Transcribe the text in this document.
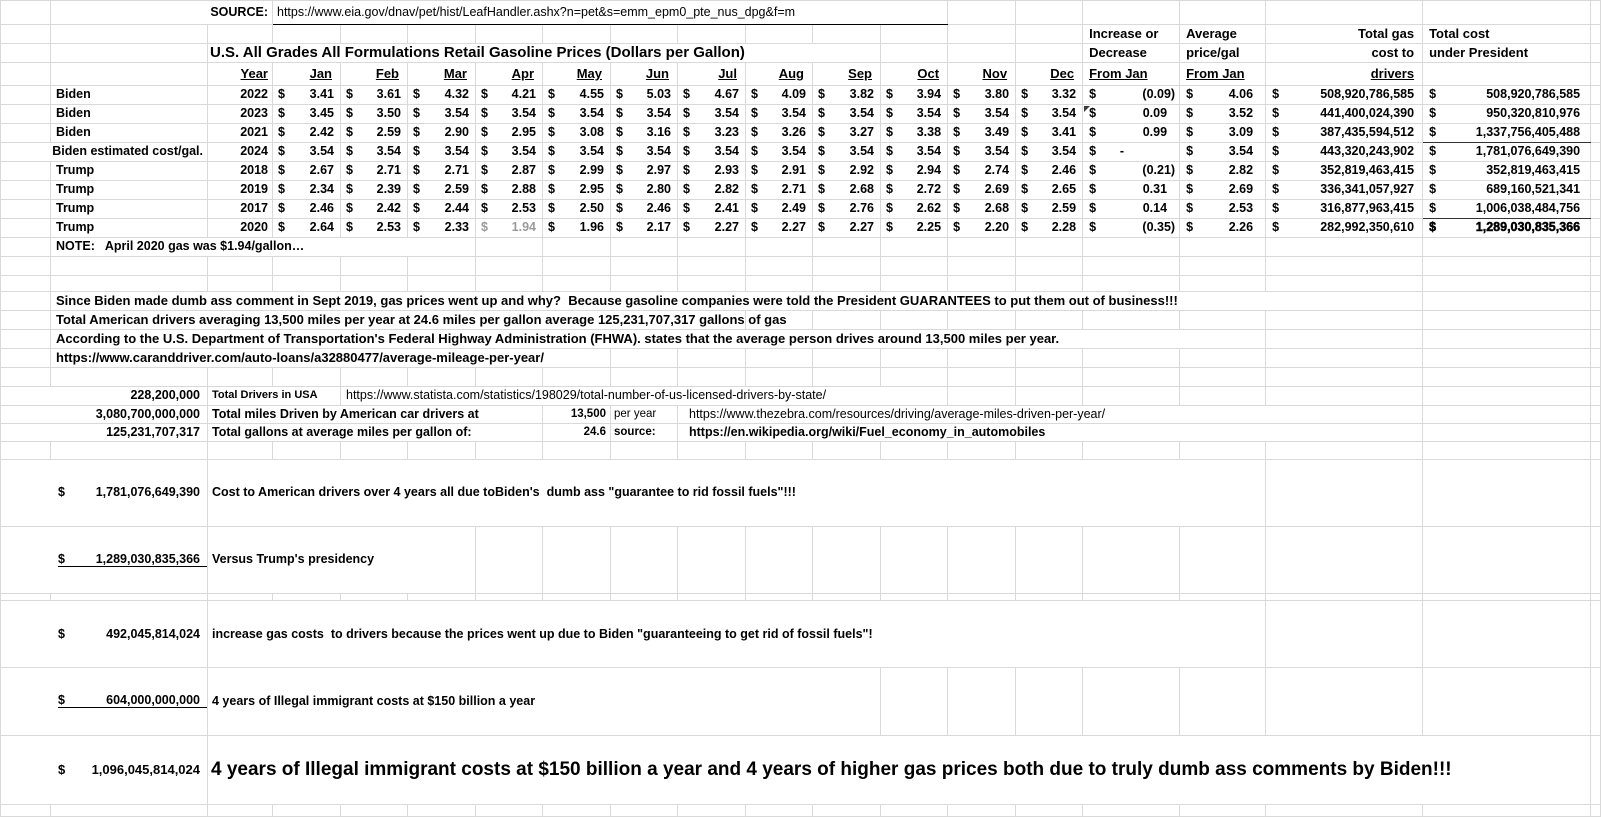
	SOURCE:		https://www.eia.gov/dnav/pet/hist/LeafHandler.ashx?n=pet&s=emm_epm0_pte_nus_dpg&f=m																
															Increase or	Average	Total gas	Total cost	
		U.S. All Grades All Formulations Retail Gasoline Prices (Dollars per Gallon)													Decrease	price/gal	cost to	under President	
		Year	Jan	Feb	Mar	Apr	May	Jun	Jul	Aug	Sep	Oct	Nov	Dec	From Jan	From Jan	drivers		
	Biden	2022	$ 3.41	$ 3.61	$ 4.32	$ 4.21	$ 4.55	$ 5.03	$ 4.67	$ 4.09	$ 3.82	$ 3.94	$ 3.80	$ 3.32	$ (0.09)	$ 4.06	$ 508,920,786,585	$ 508,920,786,585	

	Biden	2023	$ 3.45	$ 3.50	$ 3.54	$ 3.54	$ 3.54	$ 3.54	$ 3.54	$ 3.54	$ 3.54	$ 3.54	$ 3.54	$ 3.54	$ 0.09	$ 3.52	$ 441,400,024,390	$ 950,320,810,976	

	Biden	2021	$ 2.42	$ 2.59	$ 2.90	$ 2.95	$ 3.08	$ 3.16	$ 3.23	$ 3.26	$ 3.27	$ 3.38	$ 3.49	$ 3.41	$ 0.99	$ 3.09	$ 387,435,594,512	$ 1,337,756,405,488	

Biden estimated cost/gal.		2024	$ 3.54	$ 3.54	$ 3.54	$ 3.54	$ 3.54	$ 3.54	$ 3.54	$ 3.54	$ 3.54	$ 3.54	$ 3.54	$ 3.54	$ -	$ 3.54	$ 443,320,243,902	$ 1,781,076,649,390	

	Trump	2018	$ 2.67	$ 2.71	$ 2.71	$ 2.87	$ 2.99	$ 2.97	$ 2.93	$ 2.91	$ 2.92	$ 2.94	$ 2.74	$ 2.46	$ (0.21)	$ 2.82	$ 352,819,463,415	$ 352,819,463,415	

	Trump	2019	$ 2.34	$ 2.39	$ 2.59	$ 2.88	$ 2.95	$ 2.80	$ 2.82	$ 2.71	$ 2.68	$ 2.72	$ 2.69	$ 2.65	$ 0.31	$ 2.69	$ 336,341,057,927	$ 689,160,521,341	

	Trump	2017	$ 2.46	$ 2.42	$ 2.44	$ 2.53	$ 2.50	$ 2.46	$ 2.41	$ 2.49	$ 2.76	$ 2.62	$ 2.68	$ 2.59	$ 0.14	$ 2.53	$ 316,877,963,415	$ 1,006,038,484,756	

	Trump	2020	$ 2.64	$ 2.53	$ 2.33	$ 1.94	$ 1.96	$ 2.17	$ 2.27	$ 2.27	$ 2.27	$ 2.25	$ 2.20	$ 2.28	$ (0.35)	$ 2.26	$ 282,992,350,610	$ 1,289,030,835,366	

	NOTE:   April 2020 gas was $1.94/gallon…																		

	Since Biden made dumb ass comment in Sept 2019, gas prices went up and why?  Because gasoline companies were told the President GUARANTEES to put them out of business!!!																		
	Total American drivers averaging 13,500 miles per year at 24.6 miles per gallon average 125,231,707,317 gallons of gas																		
	According to the U.S. Department of Transportation's Federal Highway Administration (FHWA). states that the average person drives around 13,500 miles per year.																		
	https://www.caranddriver.com/auto-loans/a32880477/average-mileage-per-year/																		

228,200,000		Total Drivers in USA		https://www.statista.com/statistics/198029/total-number-of-us-licensed-drivers-by-state/															
3,080,700,000,000		Total miles Driven by American car drivers at					13,500	per year	https://www.thezebra.com/resources/driving/average-miles-driven-per-year/										
125,231,707,317		Total gallons at average miles per gallon of:					24.6	source:	https://en.wikipedia.org/wiki/Fuel_economy_in_automobiles										

$ 1,781,076,649,390		Cost to American drivers over 4 years all due toBiden's  dumb ass "guarantee to rid fossil fuels"!!!																	

$ 1,289,030,835,366		Versus Trump's presidency																	

$ 492,045,814,024		increase gas costs  to drivers because the prices went up due to Biden "guaranteeing to get rid of fossil fuels"!																	

$ 604,000,000,000		4 years of Illegal immigrant costs at $150 billion a year																	

$ 1,096,045,814,024		4 years of Illegal immigrant costs at $150 billion a year and 4 years of higher gas prices both due to truly dumb ass comments by Biden!!!																	
